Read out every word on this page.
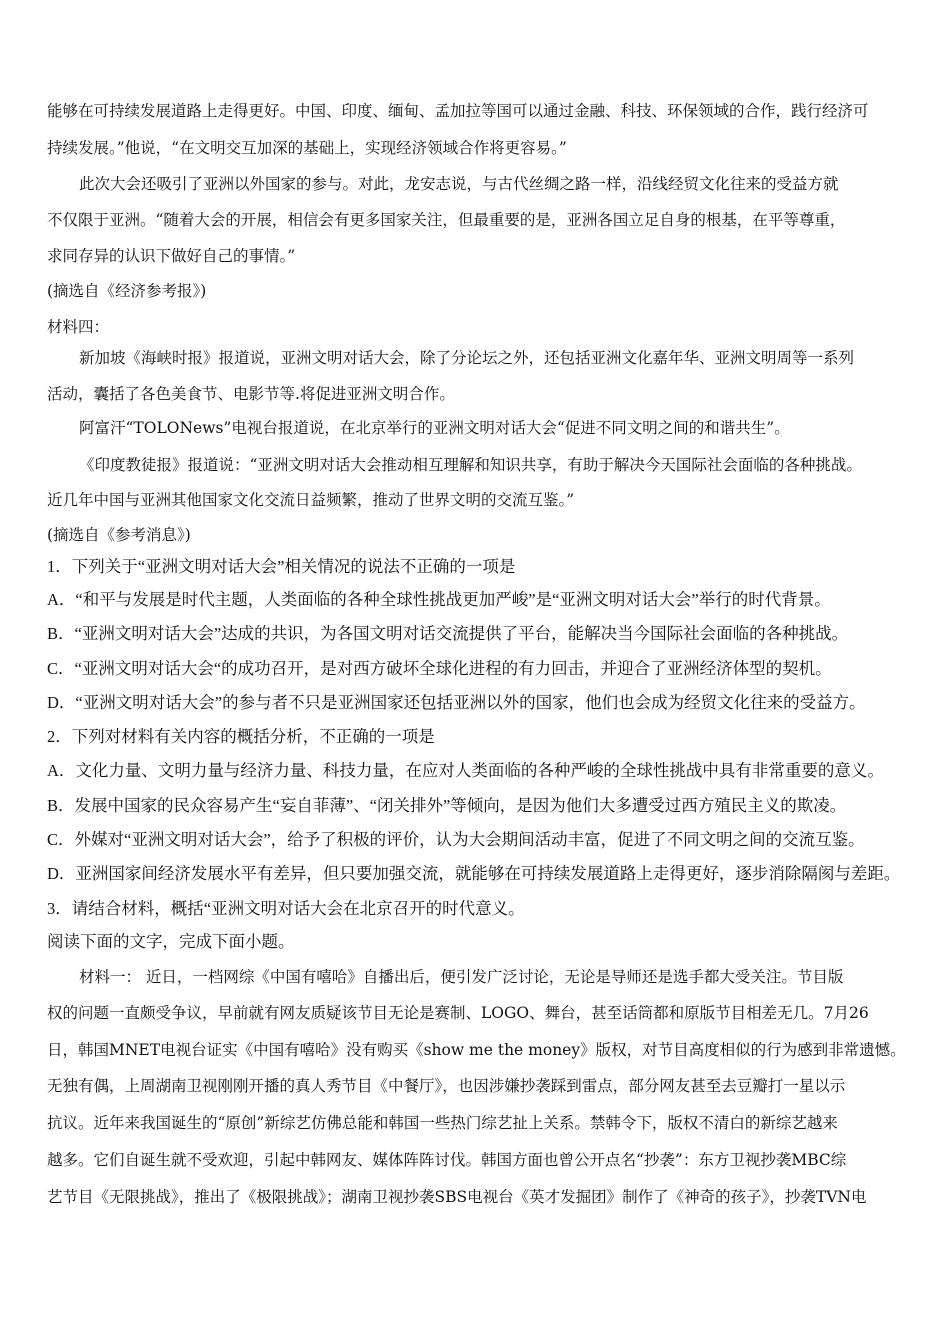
能够在可持续发展道路上走得更好。中国、印度、缅甸、孟加拉等国可以通过金融、科技、环保领域的合作，践行经济可
持续发展。”他说，“在文明交互加深的基础上，实现经济领域合作将更容易。”
此次大会还吸引了亚洲以外国家的参与。对此，龙安志说，与古代丝绸之路一样，沿线经贸文化往来的受益方就
不仅限于亚洲。“随着大会的开展，相信会有更多国家关注，但最重要的是，亚洲各国立足自身的根基，在平等尊重，
求同存异的认识下做好自己的事情。”
(摘选自《经济参考报》)
材料四：
新加坡《海峡时报》报道说，亚洲文明对话大会，除了分论坛之外，还包括亚洲文化嘉年华、亚洲文明周等一系列
活动，囊括了各色美食节、电影节等.将促进亚洲文明合作。
阿富汗“TOLONews”电视台报道说，在北京举行的亚洲文明对话大会“促进不同文明之间的和谐共生”。
《印度教徒报》报道说：“亚洲文明对话大会推动相互理解和知识共享，有助于解决今天国际社会面临的各种挑战。
近几年中国与亚洲其他国家文化交流日益频繁，推动了世界文明的交流互鉴。”
(摘选自《参考消息》)
1．下列关于“亚洲文明对话大会”相关情况的说法不正确的一项是
A．“和平与发展是时代主题，人类面临的各种全球性挑战更加严峻”是“亚洲文明对话大会”举行的时代背景。
B．“亚洲文明对话大会”达成的共识，为各国文明对话交流提供了平台，能解决当今国际社会面临的各种挑战。
C．“亚洲文明对话大会“的成功召开，是对西方破坏全球化进程的有力回击，并迎合了亚洲经济体型的契机。
D．“亚洲文明对话大会”的参与者不只是亚洲国家还包括亚洲以外的国家，他们也会成为经贸文化往来的受益方。
2．下列对材料有关内容的概括分析，不正确的一项是
A．文化力量、文明力量与经济力量、科技力量，在应对人类面临的各种严峻的全球性挑战中具有非常重要的意义。
B．发展中国家的民众容易产生“妄自菲薄”、“闭关排外”等倾向，是因为他们大多遭受过西方殖民主义的欺凌。
C．外媒对“亚洲文明对话大会”，给予了积极的评价，认为大会期间活动丰富，促进了不同文明之间的交流互鉴。
D．亚洲国家间经济发展水平有差异，但只要加强交流，就能够在可持续发展道路上走得更好，逐步消除隔阂与差距。
3．请结合材料，概括“亚洲文明对话大会在北京召开的时代意义。
阅读下面的文字，完成下面小题。
材料一： 近日，一档网综《中国有嘻哈》自播出后，便引发广泛讨论，无论是导师还是选手都大受关注。节目版
权的问题一直颇受争议，早前就有网友质疑该节目无论是赛制、LOGO、舞台，甚至话筒都和原版节目相差无几。7月26
日，韩国MNET电视台证实《中国有嘻哈》没有购买《show me the money》版权，对节目高度相似的行为感到非常遗憾。
无独有偶，上周湖南卫视刚刚开播的真人秀节目《中餐厅》，也因涉嫌抄袭踩到雷点，部分网友甚至去豆瓣打一星以示
抗议。近年来我国诞生的“原创”新综艺仿佛总能和韩国一些热门综艺扯上关系。禁韩令下，版权不清白的新综艺越来
越多。它们自诞生就不受欢迎，引起中韩网友、媒体阵阵讨伐。韩国方面也曾公开点名“抄袭”：东方卫视抄袭MBC综
艺节目《无限挑战》，推出了《极限挑战》；湖南卫视抄袭SBS电视台《英才发掘团》制作了《神奇的孩子》，抄袭TVN电
